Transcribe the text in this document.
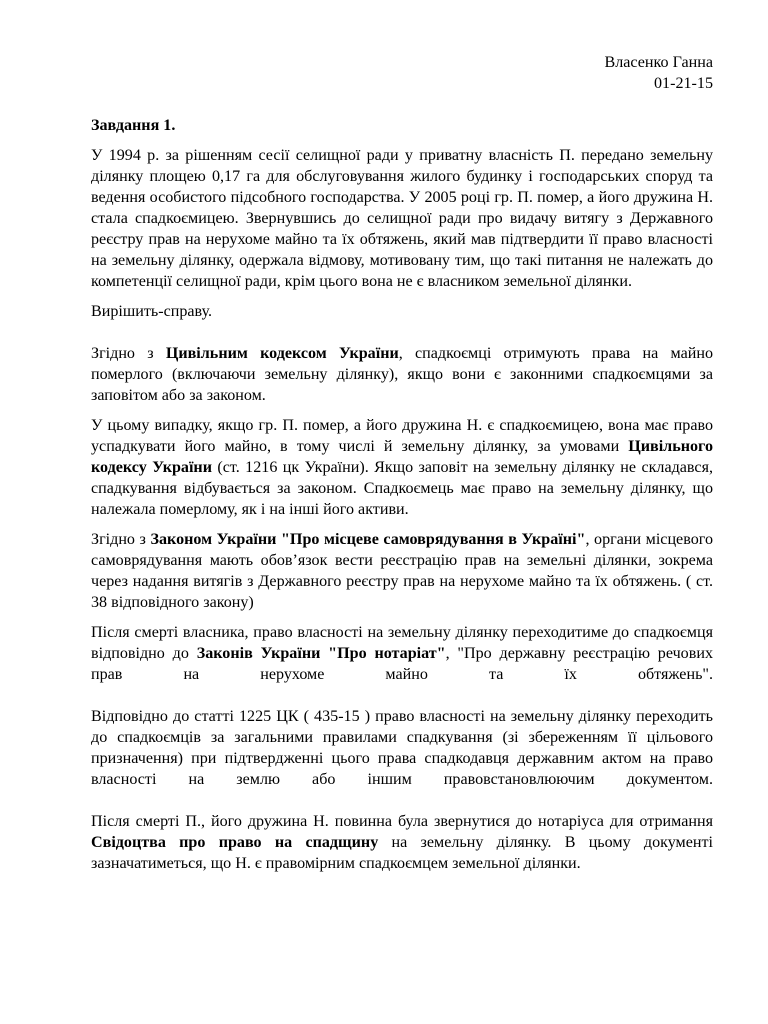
Власенко Ганна
01-21-15
Завдання 1.

У 1994 р. за рішенням сесії селищної ради у приватну власність П. передано земельну ділянку площею 0,17 га для обслуговування жилого будинку і господарських споруд та ведення особистого підсобного господарства. У 2005 році гр. П. помер, а його дружина Н. стала спадкоємицею. Звернувшись до селищної ради про видачу витягу з Державного реєстру прав на нерухоме майно та їх обтяжень, який мав підтвердити її право власності на земельну ділянку, одержала відмову, мотивовану тим, що такі питання не належать до компетенції селищної ради, крім цього вона не є власником земельної ділянки.

Вирішить-справу.

Згідно з Цивільним кодексом України, спадкоємці отримують права на майно померлого (включаючи земельну ділянку), якщо вони є законними спадкоємцями за заповітом або за законом.

У цьому випадку, якщо гр. П. помер, а його дружина Н. є спадкоємицею, вона має право успадкувати його майно, в тому числі й земельну ділянку, за умовами Цивільного кодексу України (ст. 1216 цк України). Якщо заповіт на земельну ділянку не складався, спадкування відбувається за законом. Спадкоємець має право на земельну ділянку, що належала померлому, як і на інші його активи.

Згідно з Законом України "Про місцеве самоврядування в Україні", органи місцевого самоврядування мають обов’язок вести реєстрацію прав на земельні ділянки, зокрема через надання витягів з Державного реєстру прав на нерухоме майно та їх обтяжень. ( ст. 38 відповідного закону)

Після смерті власника, право власності на земельну ділянку переходитиме до спадкоємця відповідно до Законів України "Про нотаріат", "Про державну реєстрацію речових прав на нерухоме майно та їх обтяжень".

Відповідно до статті 1225 ЦК ( 435-15 ) право власності на земельну ділянку переходить до спадкоємців за загальними правилами спадкування (зі збереженням її цільового призначення) при підтвердженні цього права спадкодавця державним актом на право власності на землю або іншим правовстановлюючим документом.

Після смерті П., його дружина Н. повинна була звернутися до нотаріуса для отримання Свідоцтва про право на спадщину на земельну ділянку. В цьому документі зазначатиметься, що Н. є правомірним спадкоємцем земельної ділянки.
